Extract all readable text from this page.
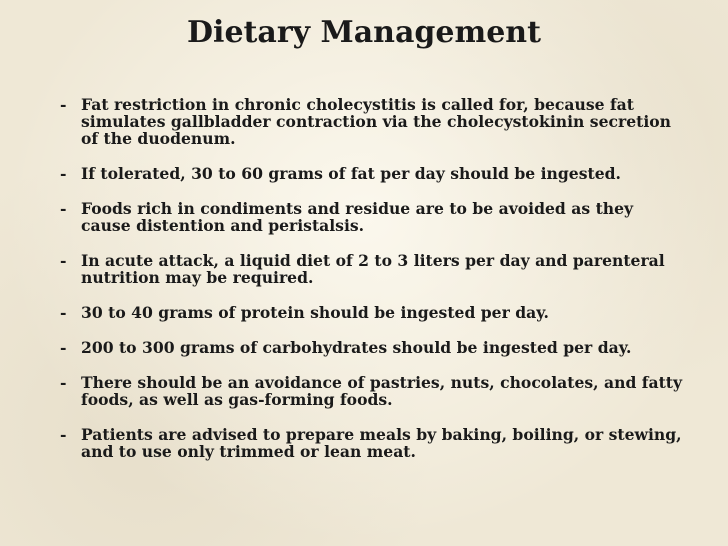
Dietary Management
- Fat restriction in chronic cholecystitis is called for, because fat simulates gallbladder contraction via the cholecystokinin secretion of the duodenum.
- If tolerated, 30 to 60 grams of fat per day should be ingested.
- Foods rich in condiments and residue are to be avoided as they cause distention and peristalsis.
- In acute attack, a liquid diet of 2 to 3 liters per day and parenteral nutrition may be required.
- 30 to 40 grams of protein should be ingested per day.
- 200 to 300 grams of carbohydrates should be ingested per day.
- There should be an avoidance of pastries, nuts, chocolates, and fatty foods, as well as gas-forming foods.
- Patients are advised to prepare meals by baking, boiling, or stewing, and to use only trimmed or lean meat.
